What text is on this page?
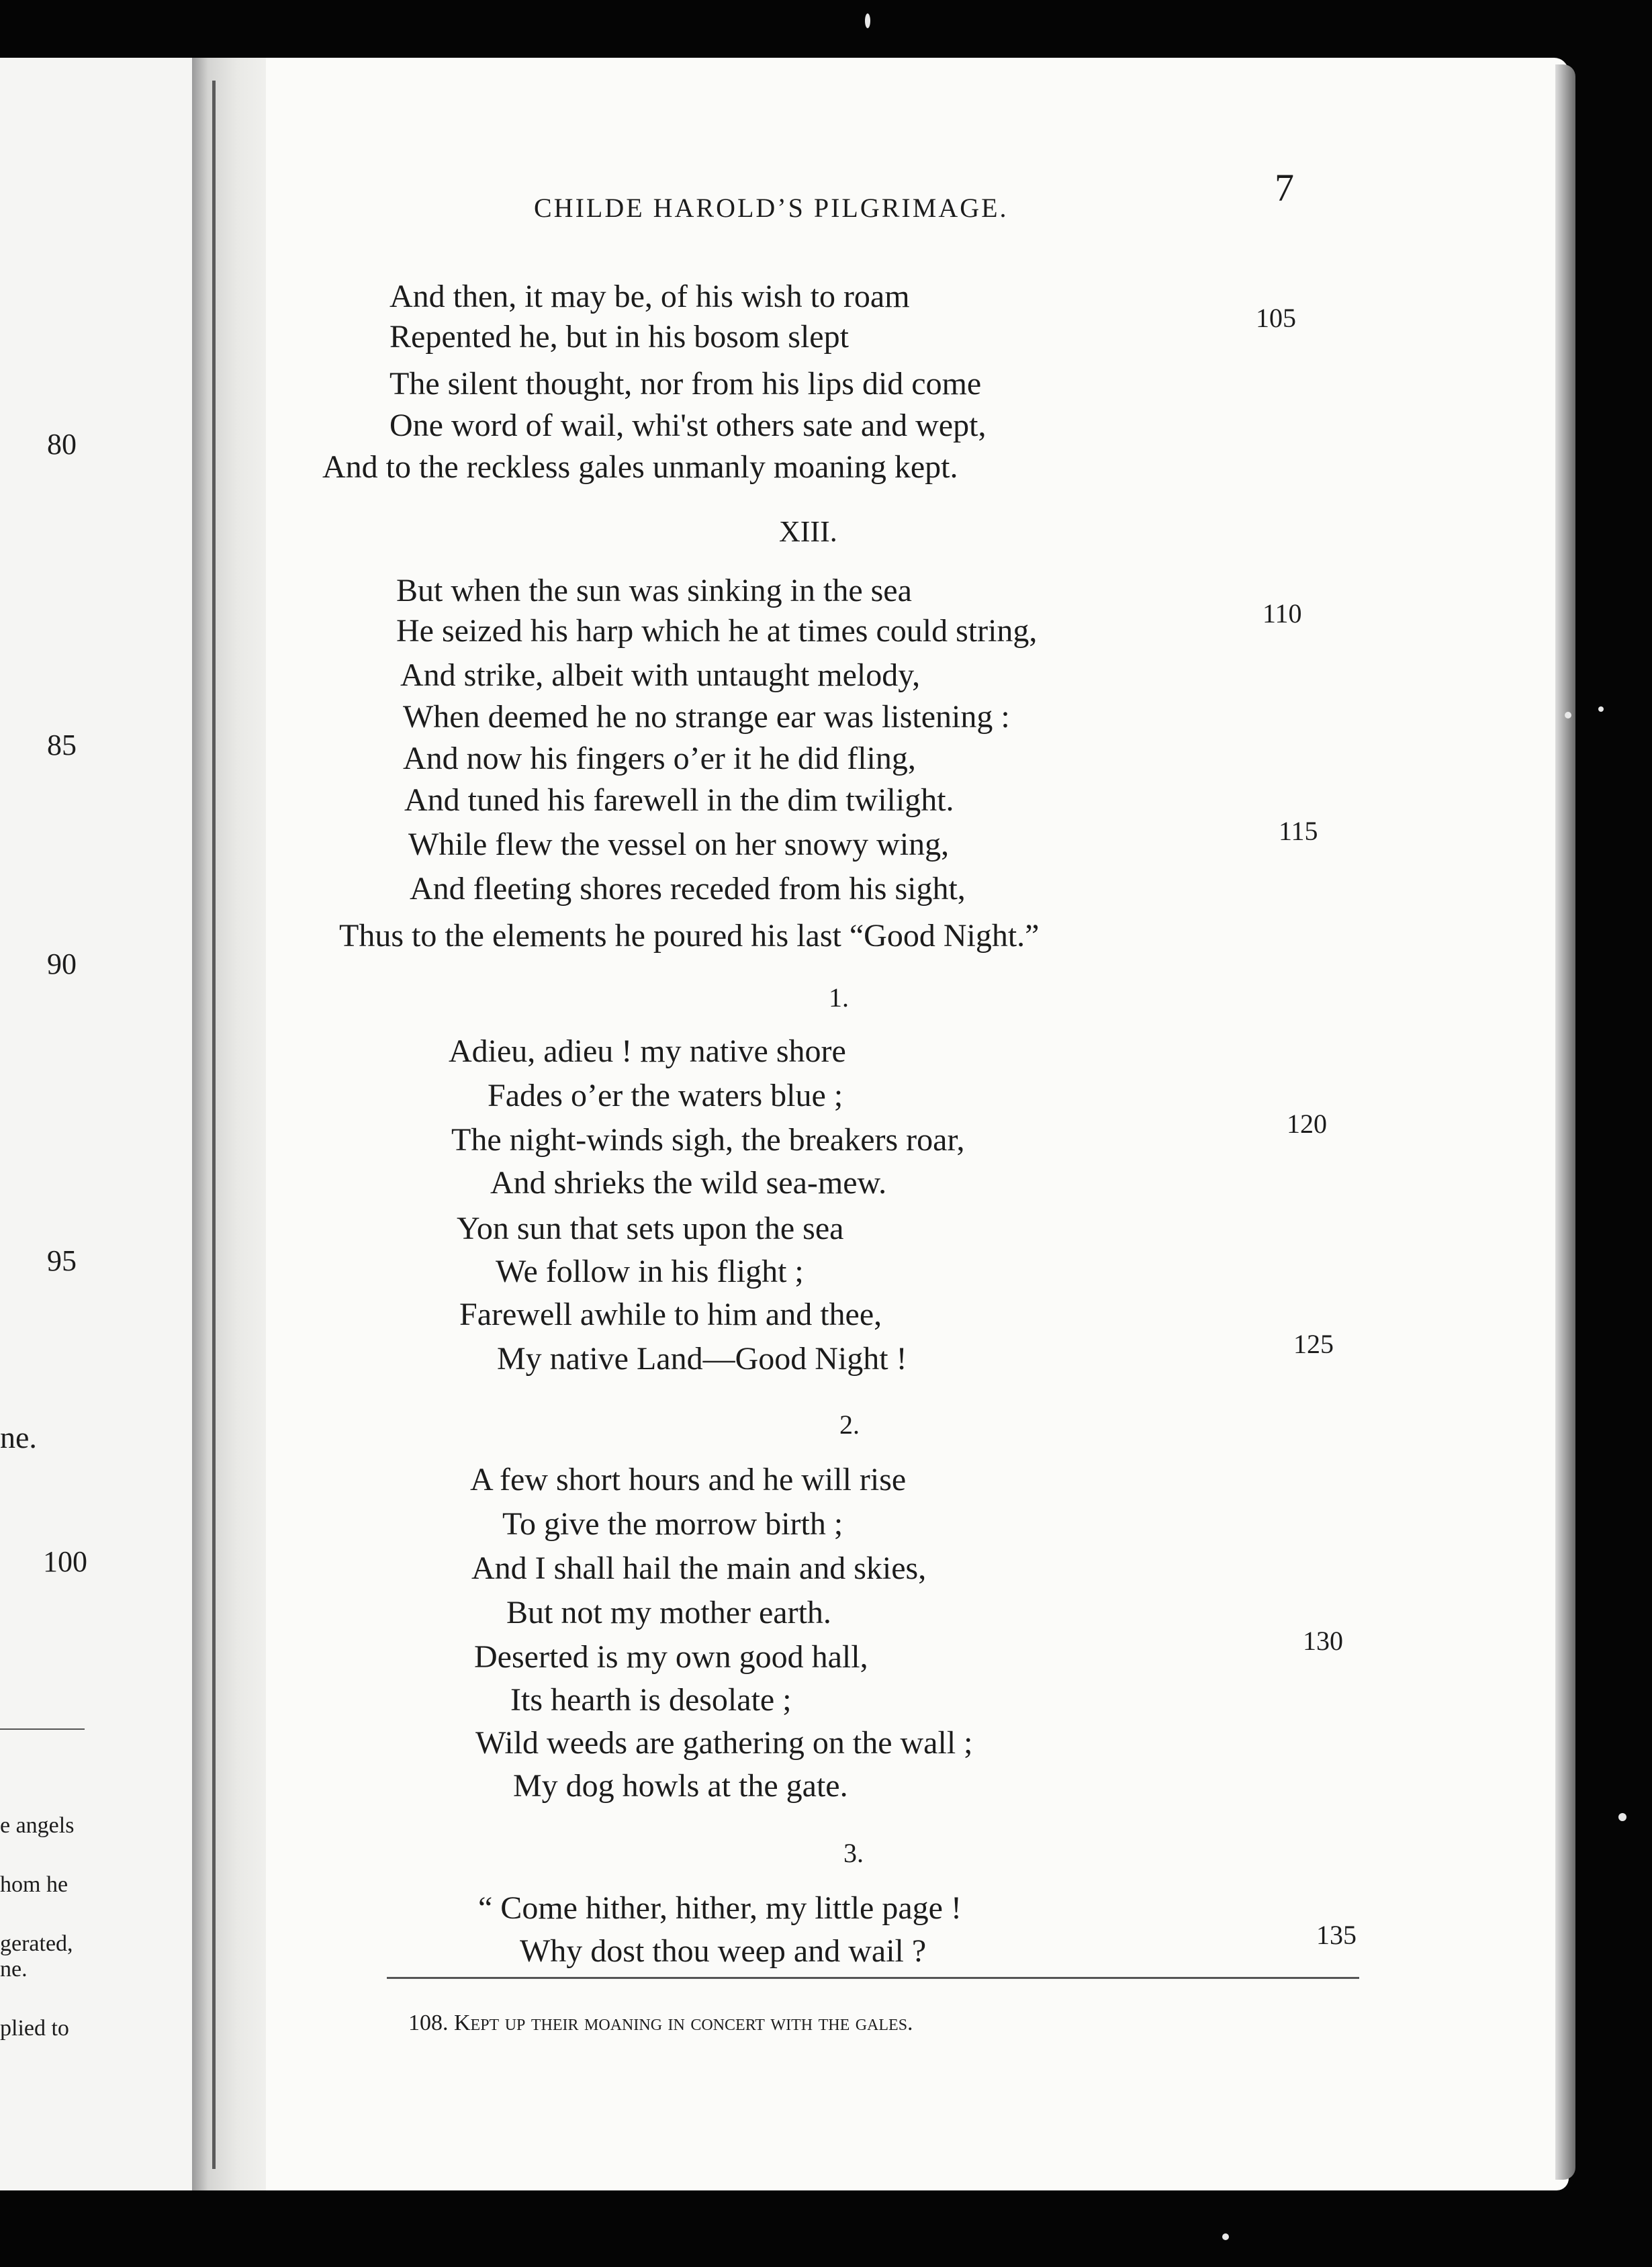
80
85
90
95
100
ne.
e angels
hom he
gerated,
ne.
plied to
CHILDE HAROLD’S PILGRIMAGE.	7
And then, it may be, of his wish to roam
Repented he, but in his bosom slept
The silent thought, nor from his lips did come
One word of wail, whi'st others sate and wept,
And to the reckless gales unmanly moaning kept.
XIII.
But when the sun was sinking in the sea
He seized his harp which he at times could string,
And strike, albeit with untaught melody,
When deemed he no strange ear was listening :
And now his fingers o’er it he did fling,
And tuned his farewell in the dim twilight.
While flew the vessel on her snowy wing,
And fleeting shores receded from his sight,
Thus to the elements he poured his last “Good Night.”
1.
Adieu, adieu ! my native shore
Fades o’er the waters blue ;
The night-winds sigh, the breakers roar,
And shrieks the wild sea-mew.
Yon sun that sets upon the sea
We follow in his flight ;
Farewell awhile to him and thee,
My native Land—Good Night !
2.
A few short hours and he will rise
To give the morrow birth ;
And I shall hail the main and skies,
But not my mother earth.
Deserted is my own good hall,
Its hearth is desolate ;
Wild weeds are gathering on the wall ;
My dog howls at the gate.
3.
“ Come hither, hither, my little page !
Why dost thou weep and wail ?
105
110
115
120
125
130
135
108. Kept up their moaning in concert with the gales.
